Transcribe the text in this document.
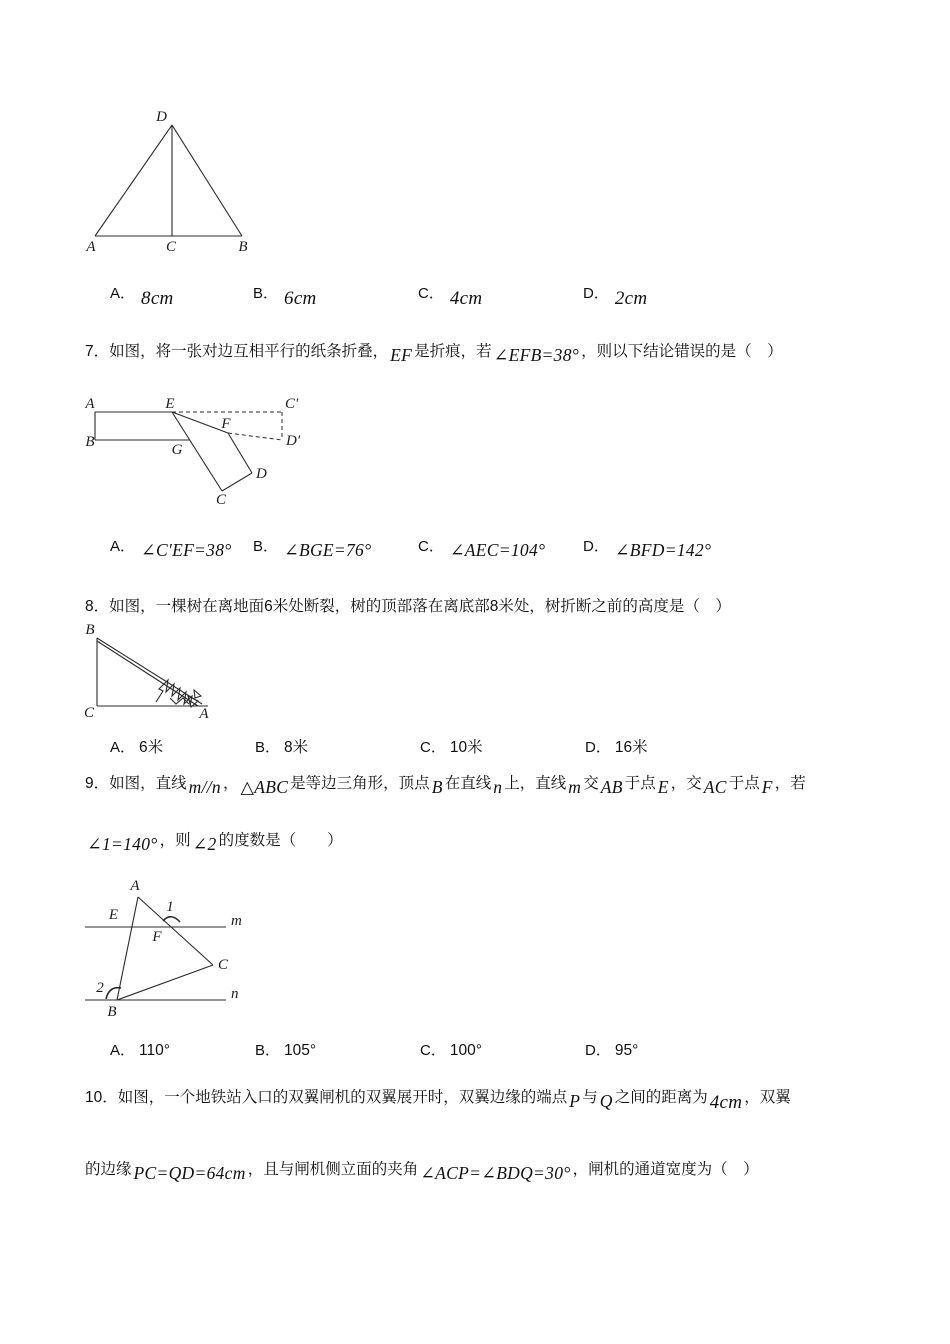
D
A	C	B
A． 8cm	B． 6cm	C． 4cm	D． 2cm
7．如图，将一张对边互相平行的纸条折叠， EF 是折痕，若 ∠EFB=38° ，则以下结论错误的是（　）
A	E	C′
B
F
D′
G
D
C
A． ∠C′EF=38° B． ∠BGE=76°	C． ∠AEC=104°	D． ∠BFD=142°
8．如图，一棵树在离地面6米处断裂，树的顶部落在离底部8米处，树折断之前的高度是（　）
B
C	A
A． 6米	B． 8米	C． 10米	D． 16米
9．如图，直线 m//n ， △ABC 是等边三角形，顶点 B 在直线 n 上，直线 m 交 AB 于点 E ，交 AC 于点 F ，若
∠1=140° ，则 ∠2 的度数是（　　）
A
E	1
m
F
C
2
B
n
A． 110°	B． 105°	C． 100°	D． 95°
10．如图，一个地铁站入口的双翼闸机的双翼展开时，双翼边缘的端点 P 与 Q 之间的距离为 4cm ，双翼
的边缘 PC=QD=64cm ，且与闸机侧立面的夹角 ∠ACP=∠BDQ=30° ，闸机的通道宽度为（　）
